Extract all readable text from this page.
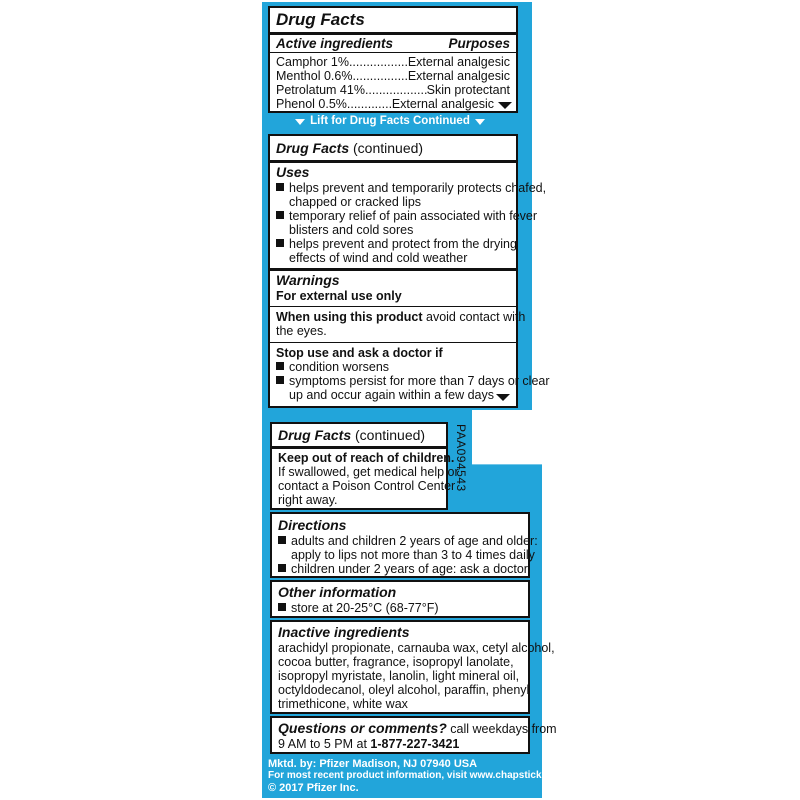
Drug Facts
Active ingredients	Purposes
Camphor 1% .....	External analgesic
Menthol 0.6% .....	External analgesic
Petrolatum 41% .....	Skin protectant
Phenol 0.5% .....	External analgesic
Lift for Drug Facts Continued
Drug Facts (continued)
Uses
helps prevent and temporarily protects chafed,
chapped or cracked lips
temporary relief of pain associated with fever
blisters and cold sores
helps prevent and protect from the drying
effects of wind and cold weather
Warnings
For external use only
When using this product avoid contact with
the eyes.
Stop use and ask a doctor if
condition worsens
symptoms persist for more than 7 days or clear
up and occur again within a few days
PAA094543
Drug Facts (continued)
Keep out of reach of children.
If swallowed, get medical help or
contact a Poison Control Center
right away.
Directions
adults and children 2 years of age and older:
apply to lips not more than 3 to 4 times daily
children under 2 years of age: ask a doctor
Other information
store at 20-25°C (68-77°F)
Inactive ingredients
arachidyl propionate, carnauba wax, cetyl alcohol,
cocoa butter, fragrance, isopropyl lanolate,
isopropyl myristate, lanolin, light mineral oil,
octyldodecanol, oleyl alcohol, paraffin, phenyl
trimethicone, white wax
Questions or comments? call weekdays from
9 AM to 5 PM at 1-877-227-3421
Mktd. by: Pfizer Madison, NJ 07940 USA
For most recent product information, visit www.chapstick.com
© 2017 Pfizer Inc.
